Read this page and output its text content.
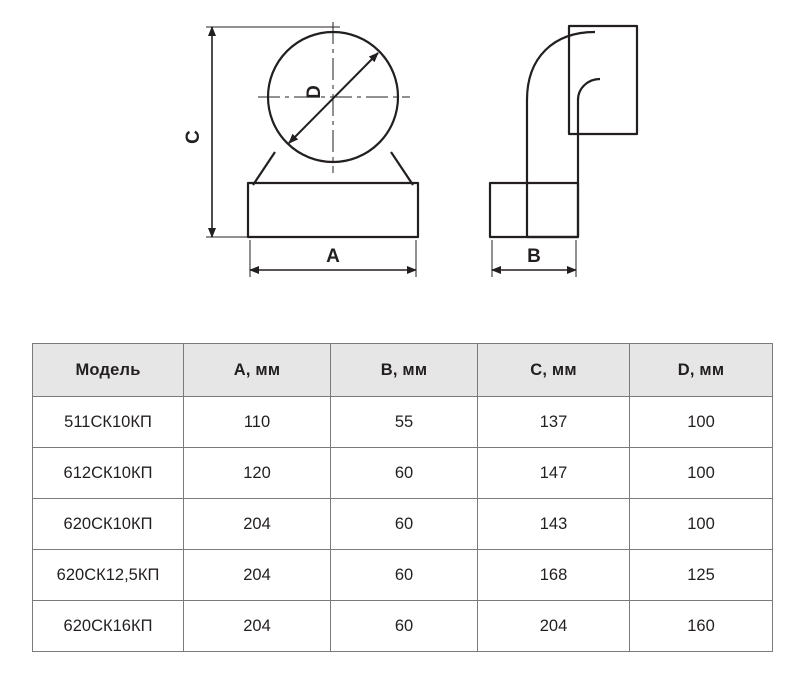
D
C
A	B
Модель	A, мм	B, мм	C, мм	D, мм
511СК10КП	110	55	137	100
612СК10КП	120	60	147	100
620СК10КП	204	60	143	100
620СК12,5КП	204	60	168	125
620СК16КП	204	60	204	160
